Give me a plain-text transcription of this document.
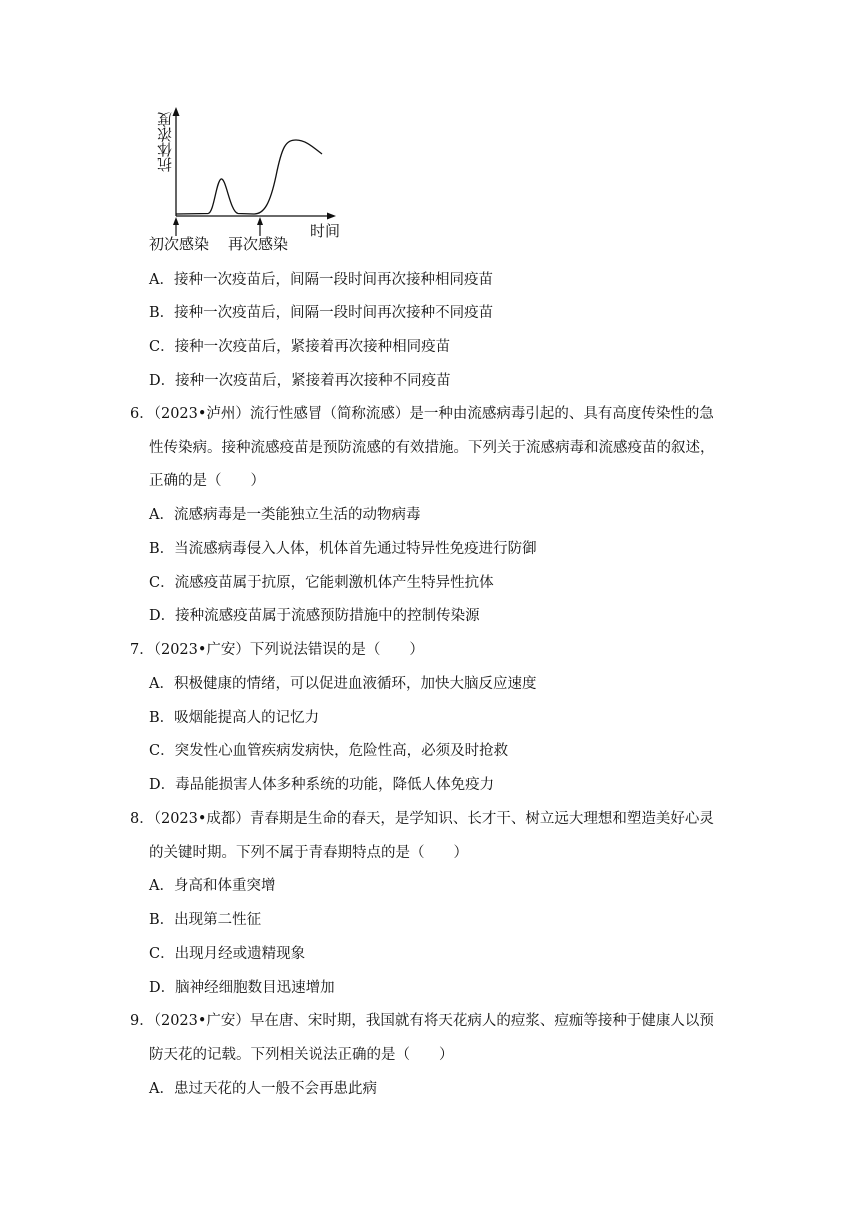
抗体浓度
时间
初次感染 再次感染
A．接种一次疫苗后，间隔一段时间再次接种相同疫苗
B．接种一次疫苗后，间隔一段时间再次接种不同疫苗
C．接种一次疫苗后，紧接着再次接种相同疫苗
D．接种一次疫苗后，紧接着再次接种不同疫苗
6．（2023•泸州）流行性感冒（简称流感）是一种由流感病毒引起的、具有高度传染性的急
性传染病。接种流感疫苗是预防流感的有效措施。下列关于流感病毒和流感疫苗的叙述，
正确的是（　　）
A．流感病毒是一类能独立生活的动物病毒
B．当流感病毒侵入人体，机体首先通过特异性免疫进行防御
C．流感疫苗属于抗原，它能刺激机体产生特异性抗体
D．接种流感疫苗属于流感预防措施中的控制传染源
7．（2023•广安）下列说法错误的是（　　）
A．积极健康的情绪，可以促进血液循环，加快大脑反应速度
B．吸烟能提高人的记忆力
C．突发性心血管疾病发病快，危险性高，必须及时抢救
D．毒品能损害人体多种系统的功能，降低人体免疫力
8．（2023•成都）青春期是生命的春天，是学知识、长才干、树立远大理想和塑造美好心灵
的关键时期。下列不属于青春期特点的是（　　）
A．身高和体重突增
B．出现第二性征
C．出现月经或遗精现象
D．脑神经细胞数目迅速增加
9．（2023•广安）早在唐、宋时期，我国就有将天花病人的痘浆、痘痂等接种于健康人以预
防天花的记载。下列相关说法正确的是（　　）
A．患过天花的人一般不会再患此病
